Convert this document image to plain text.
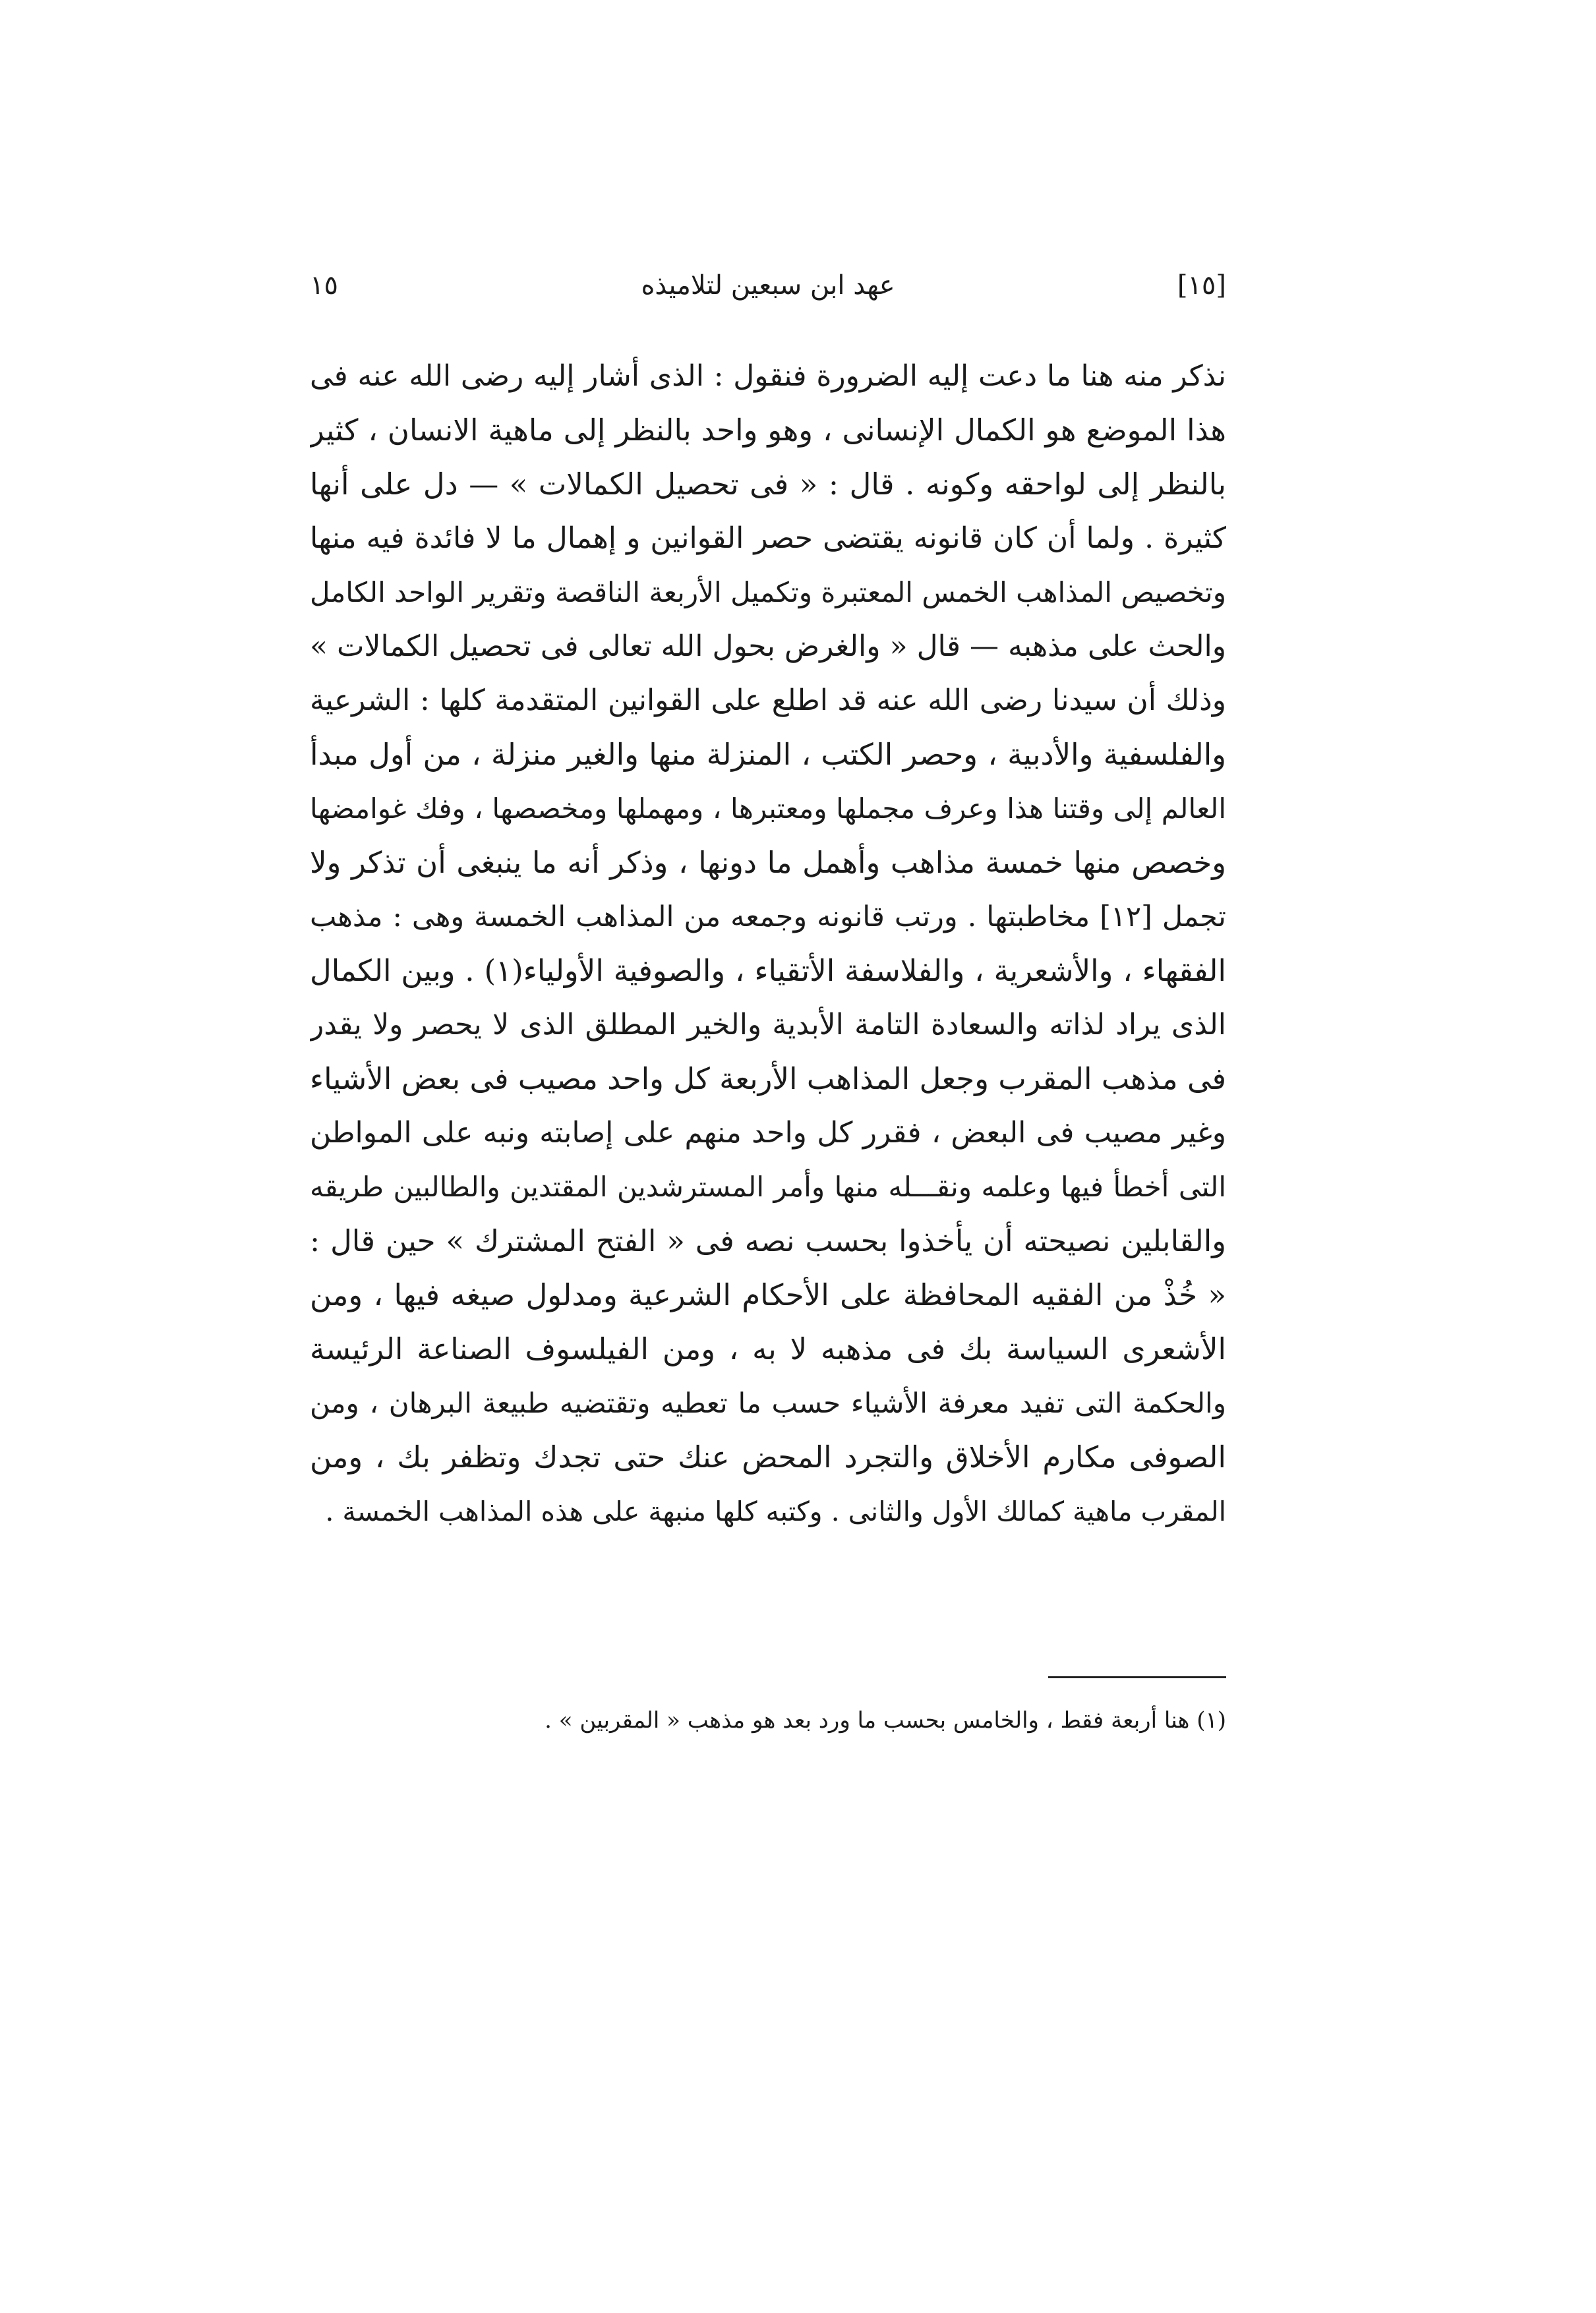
[١٥]
عهد ابن سبعين لتلاميذه
١٥
نذكر منه هنا ما دعت إليه الضرورة فنقول : الذى أشار إليه رضى الله عنه فى
هذا الموضع هو الكمال الإنسانى ، وهو واحد بالنظر إلى ماهية الانسان ، كثير
بالنظر إلى لواحقه وكونه . قال : « فى تحصيل الكمالات » — دل على أنها
كثيرة . ولما أن كان قانونه يقتضى حصر القوانين و إهمال ما لا فائدة فيه منها
وتخصيص المذاهب الخمس المعتبرة وتكميل الأربعة الناقصة وتقرير الواحد الكامل
والحث على مذهبه — قال « والغرض بحول الله تعالى فى تحصيل الكمالات »
وذلك أن سيدنا رضى الله عنه قد اطلع على القوانين المتقدمة كلها : الشرعية
والفلسفية والأدبية ، وحصر الكتب ، المنزلة منها والغير منزلة ، من أول مبدأ
العالم إلى وقتنا هذا وعرف مجملها ومعتبرها ، ومهملها ومخصصها ، وفك غوامضها
وخصص منها خمسة مذاهب وأهمل ما دونها ، وذكر أنه ما ينبغى أن تذكر ولا
تجمل [١٢] مخاطبتها . ورتب قانونه وجمعه من المذاهب الخمسة وهى : مذهب
الفقهاء ، والأشعرية ، والفلاسفة الأتقياء ، والصوفية الأولياء(١) . وبين الكمال
الذى يراد لذاته والسعادة التامة الأبدية والخير المطلق الذى لا يحصر ولا يقدر
فى مذهب المقرب وجعل المذاهب الأربعة كل واحد مصيب فى بعض الأشياء
وغير مصيب فى البعض ، فقرر كل واحد منهم على إصابته ونبه على المواطن
التى أخطأ فيها وعلمه ونقـــله منها وأمر المسترشدين المقتدين والطالبين طريقه
والقابلين نصيحته أن يأخذوا بحسب نصه فى « الفتح المشترك » حين قال :
« خُذْ من الفقيه المحافظة على الأحكام الشرعية ومدلول صيغه فيها ، ومن
الأشعرى السياسة بك فى مذهبه لا به ، ومن الفيلسوف الصناعة الرئيسة
والحكمة التى تفيد معرفة الأشياء حسب ما تعطيه وتقتضيه طبيعة البرهان ، ومن
الصوفى مكارم الأخلاق والتجرد المحض عنك حتى تجدك وتظفر بك ، ومن
المقرب ماهية كمالك الأول والثانى . وكتبه كلها منبهة على هذه المذاهب الخمسة .
(١) هنا أربعة فقط ، والخامس بحسب ما ورد بعد هو مذهب « المقربين » .
